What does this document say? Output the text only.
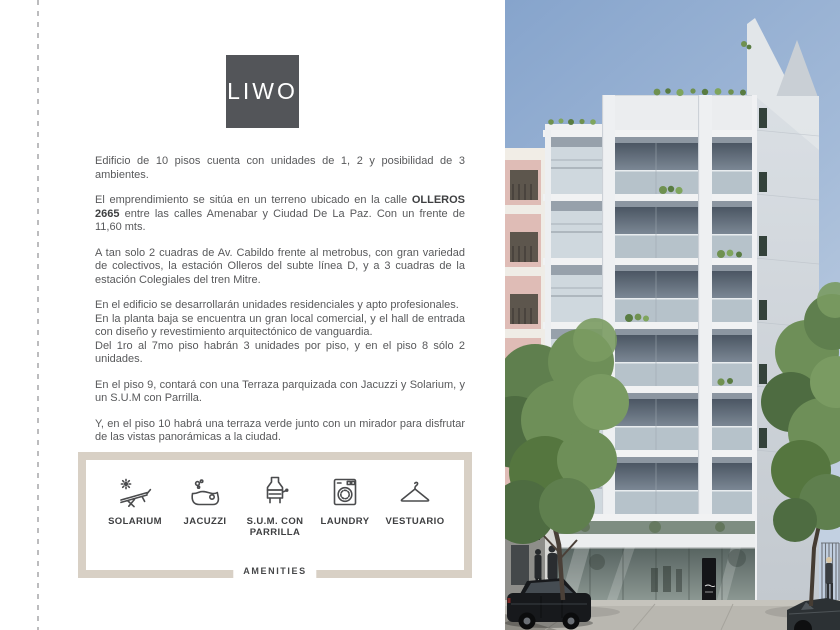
LIWO

Edificio de 10 pisos cuenta con unidades de 1, 2 y posibilidad de 3 ambientes.

El emprendimiento se sitúa en un terreno ubicado en la calle OLLEROS 2665 entre las calles Amenabar y Ciudad De La Paz. Con un frente de 11,60 mts.

A tan solo 2 cuadras de Av. Cabildo frente al metrobus, con gran variedad de colectivos, la estación Olleros del subte línea D, y a 3 cuadras de la estación Colegiales del tren Mitre.

En el edificio se desarrollarán unidades residenciales y apto profesionales.

En la planta baja se encuentra un gran local comercial, y el hall de entrada con diseño y revestimiento arquitectónico de vanguardia.

Del 1ro al 7mo piso habrán 3 unidades por piso, y en el piso 8 sólo 2 unidades.

En el piso 9, contará con una Terraza parquizada con Jacuzzi y Solarium, y un S.U.M con Parrilla.

Y, en el piso 10 habrá una terraza verde junto con un mirador para disfrutar de las vistas panorámicas a la ciudad.

SOLARIUM JACUZZI	S.U.M. CON PARRILLA
LAUNDRY VESTUARIO
AMENITIES
